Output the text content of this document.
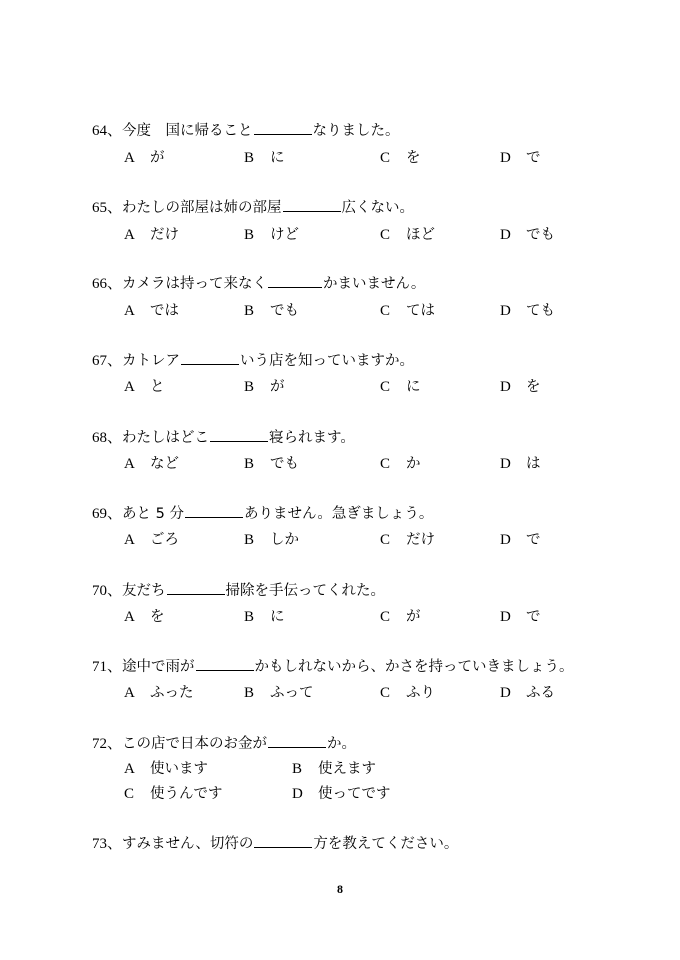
64、今度　国に帰ること	なりました。
A が	B に	C を	D で
65、わたしの部屋は姉の部屋	広くない。
A だけ	B けど	C ほど	D でも
66、カメラは持って来なく	かまいません。
A では	B でも	C ては	D ても
67、カトレア	いう店を知っていますか。
A と	B が	C に	D を
68、わたしはどこ	寝られます。
A など	B でも	C か	D は
69、あと 5 分	ありません。急ぎましょう。
A ごろ	B しか	C だけ	D で
70、友だち	掃除を手伝ってくれた。
A を	B に	C が	D で
71、途中で雨が	かもしれないから、かさを持っていきましょう。
A ふった	B ふって	C ふり	D ふる
72、この店で日本のお金が	か。
A 使います	B 使えます
C 使うんです	D 使ってです
73、すみません、切符の	方を教えてください。
8
